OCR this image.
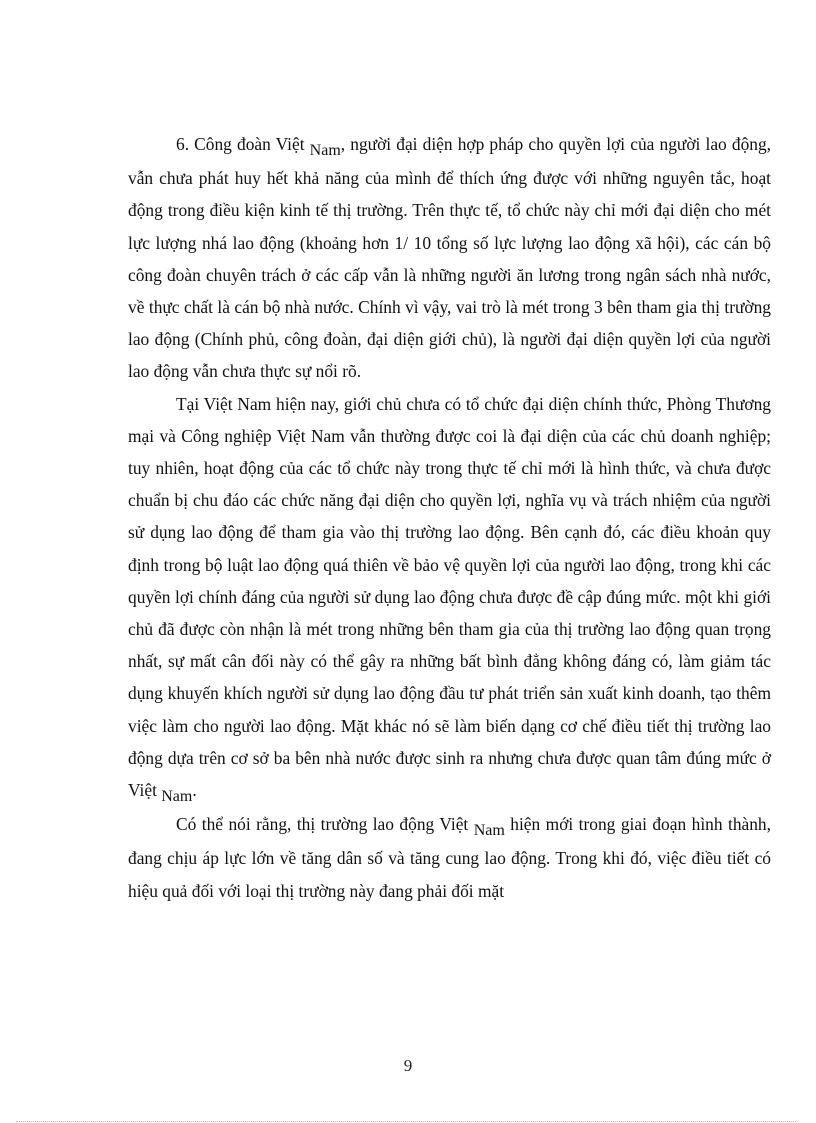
6. Công đoàn Việt Nam, người đại diện hợp pháp cho quyền lợi của người lao động, vẫn chưa phát huy hết khả năng của mình để thích ứng được với những nguyên tắc, hoạt động trong điều kiện kinh tế thị trường. Trên thực tế, tổ chức này chỉ mới đại diện cho mét lực lượng nhá lao động (khoảng hơn 1/ 10 tổng số lực lượng lao động xã hội), các cán bộ công đoàn chuyên trách ở các cấp vẫn là những người ăn lương trong ngân sách nhà nước, về thực chất là cán bộ nhà nước. Chính vì vậy, vai trò là mét trong 3 bên tham gia thị trường lao động (Chính phủ, công đoàn, đại diện giới chủ), là người đại diện quyền lợi của người lao động vẫn chưa thực sự nổi rõ.

Tại Việt Nam hiện nay, giới chủ chưa có tổ chức đại diện chính thức, Phòng Thương mại và Công nghiệp Việt Nam vẫn thường được coi là đại diện của các chủ doanh nghiệp; tuy nhiên, hoạt động của các tổ chức này trong thực tế chỉ mới là hình thức, và chưa được chuẩn bị chu đáo các chức năng đại diện cho quyền lợi, nghĩa vụ và trách nhiệm của người sử dụng lao động để tham gia vào thị trường lao động. Bên cạnh đó, các điều khoản quy định trong bộ luật lao động quá thiên về bảo vệ quyền lợi của người lao động, trong khi các quyền lợi chính đáng của người sử dụng lao động chưa được đề cập đúng mức. một khi giới chủ đã được còn nhận là mét trong những bên tham gia của thị trường lao động quan trọng nhất, sự mất cân đối này có thể gây ra những bất bình đẳng không đáng có, làm giảm tác dụng khuyến khích người sử dụng lao động đầu tư phát triển sản xuất kinh doanh, tạo thêm việc làm cho người lao động. Mặt khác nó sẽ làm biến dạng cơ chế điều tiết thị trường lao động dựa trên cơ sở ba bên nhà nước được sinh ra nhưng chưa được quan tâm đúng mức ở Việt Nam.

Có thể nói rằng, thị trường lao động Việt Nam hiện mới trong giai đoạn hình thành, đang chịu áp lực lớn về tăng dân số và tăng cung lao động. Trong khi đó, việc điều tiết có hiệu quả đối với loại thị trường này đang phải đối mặt

9
